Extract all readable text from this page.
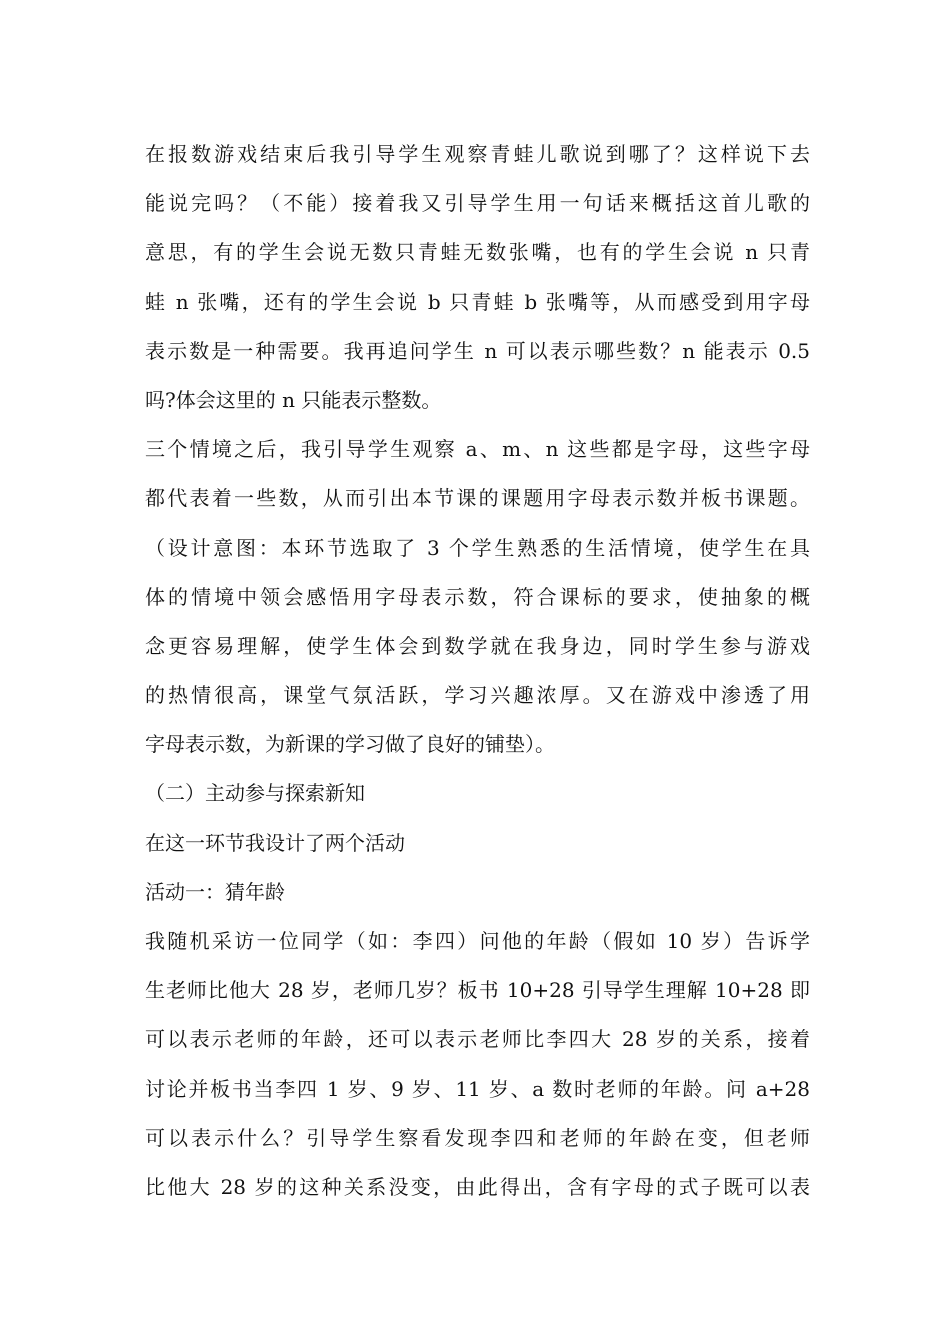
在报数游戏结束后我引导学生观察青蛙儿歌说到哪了？这样说下去
能说完吗？（不能）接着我又引导学生用一句话来概括这首儿歌的
意思，有的学生会说无数只青蛙无数张嘴，也有的学生会说 n 只青
蛙 n 张嘴，还有的学生会说 b 只青蛙 b 张嘴等，从而感受到用字母
表示数是一种需要。我再追问学生 n 可以表示哪些数？n 能表示 0.5
吗?体会这里的 n 只能表示整数。
三个情境之后，我引导学生观察 a、m、n 这些都是字母，这些字母
都代表着一些数，从而引出本节课的课题用字母表示数并板书课题。
（设计意图：本环节选取了 3 个学生熟悉的生活情境，使学生在具
体的情境中领会感悟用字母表示数，符合课标的要求，使抽象的概
念更容易理解，使学生体会到数学就在我身边，同时学生参与游戏
的热情很高，课堂气氛活跃，学习兴趣浓厚。又在游戏中渗透了用
字母表示数，为新课的学习做了良好的铺垫）。
（二）主动参与探索新知
在这一环节我设计了两个活动
活动一：猜年龄
我随机采访一位同学（如：李四）问他的年龄（假如 10 岁）告诉学
生老师比他大 28 岁，老师几岁？板书 10+28 引导学生理解 10+28 即
可以表示老师的年龄，还可以表示老师比李四大 28 岁的关系，接着
讨论并板书当李四 1 岁、9 岁、11 岁、a 数时老师的年龄。问 a+28
可以表示什么？引导学生察看发现李四和老师的年龄在变，但老师
比他大 28 岁的这种关系没变，由此得出，含有字母的式子既可以表
